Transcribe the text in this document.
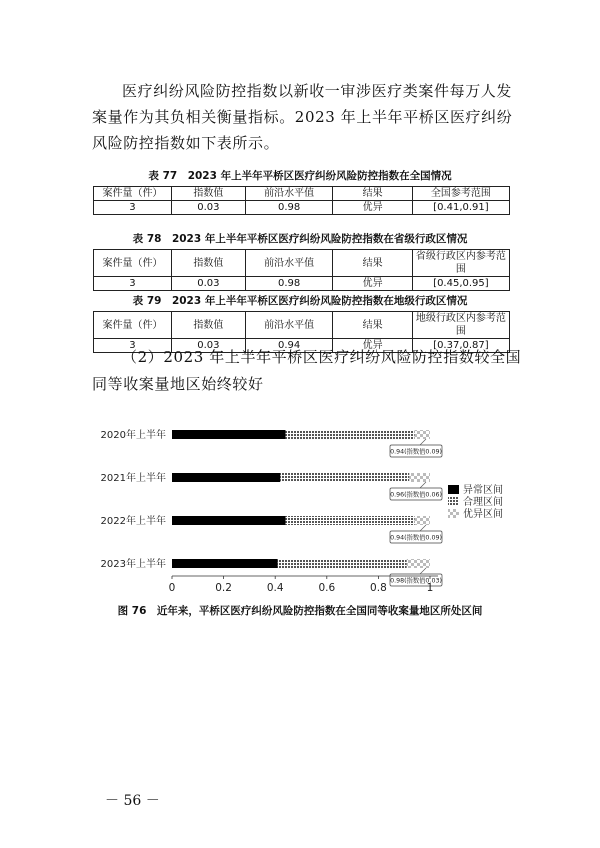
医疗纠纷风险防控指数以新收一审涉医疗类案件每万人发案量作为其负相关衡量指标。2023 年上半年平桥区医疗纠纷风险防控指数如下表所示。

表 77　2023 年上半年平桥区医疗纠纷风险防控指数在全国情况
案件量（件）	指数值	前沿水平值	结果	全国参考范围
3	0.03	0.98	优异	[0.41,0.91]
表 78　2023 年上半年平桥区医疗纠纷风险防控指数在省级行政区情况
案件量（件）	指数值	前沿水平值	结果	省级行政区内参考范围
3	0.03	0.98	优异	[0.45,0.95]
表 79　2023 年上半年平桥区医疗纠纷风险防控指数在地级行政区情况
案件量（件）	指数值	前沿水平值	结果	地级行政区内参考范围
3	0.03	0.94	优异	[0.37,0.87]

（2）2023 年上半年平桥区医疗纠纷风险防控指数较全国同等收案量地区始终较好

2020年上半年
0.94(指数值0.09)
2021年上半年
0.96(指数值0.06)
2022年上半年
0.94(指数值0.09)
2023年上半年
0.98(指数值0.03)
0	0.2	0.4	0.6	0.8	1
异常区间
合理区间
优异区间
图 76　近年来，平桥区医疗纠纷风险防控指数在全国同等收案量地区所处区间
－ 56 －
